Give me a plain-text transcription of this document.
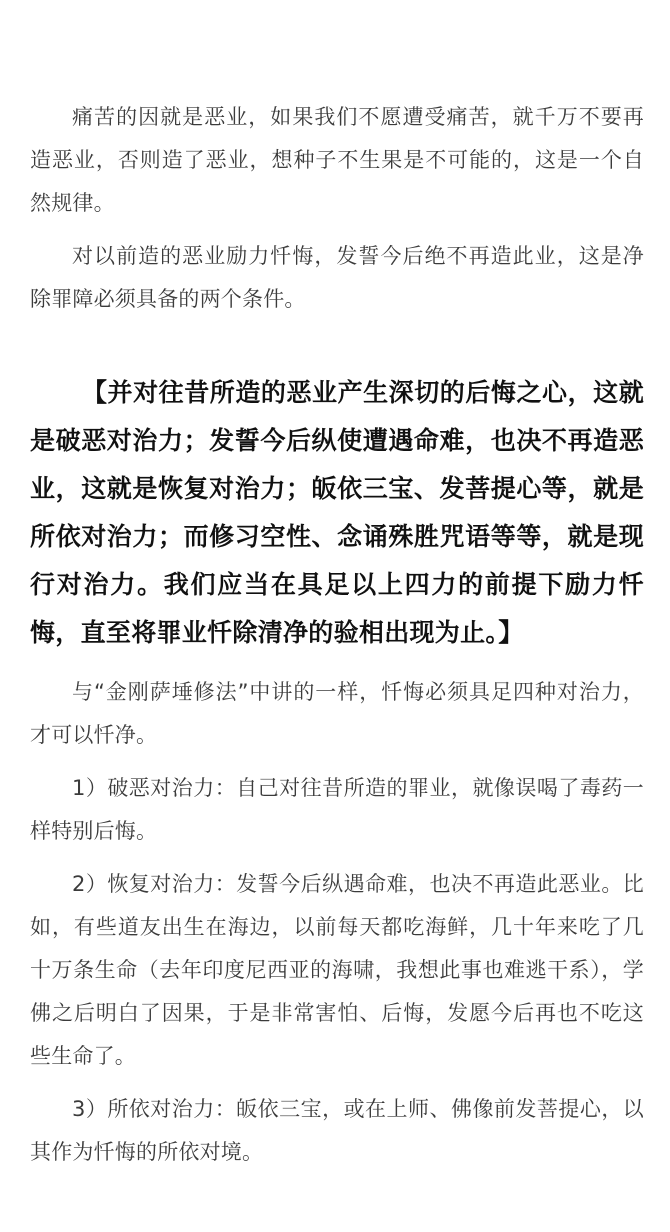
痛苦的因就是恶业，如果我们不愿遭受痛苦，就千万不要再造恶业，否则造了恶业，想种子不生果是不可能的，这是一个自然规律。

对以前造的恶业励力忏悔，发誓今后绝不再造此业，这是净除罪障必须具备的两个条件。

【并对往昔所造的恶业产生深切的后悔之心，这就是破恶对治力；发誓今后纵使遭遇命难，也决不再造恶业，这就是恢复对治力；皈依三宝、发菩提心等，就是所依对治力；而修习空性、念诵殊胜咒语等等，就是现行对治力。我们应当在具足以上四力的前提下励力忏悔，直至将罪业忏除清净的验相出现为止。】

与“金刚萨埵修法”中讲的一样，忏悔必须具足四种对治力，才可以忏净。

1）破恶对治力：自己对往昔所造的罪业，就像误喝了毒药一样特别后悔。

2）恢复对治力：发誓今后纵遇命难，也决不再造此恶业。比如，有些道友出生在海边，以前每天都吃海鲜，几十年来吃了几十万条生命（去年印度尼西亚的海啸，我想此事也难逃干系），学佛之后明白了因果，于是非常害怕、后悔，发愿今后再也不吃这些生命了。

3）所依对治力：皈依三宝，或在上师、佛像前发菩提心，以其作为忏悔的所依对境。
